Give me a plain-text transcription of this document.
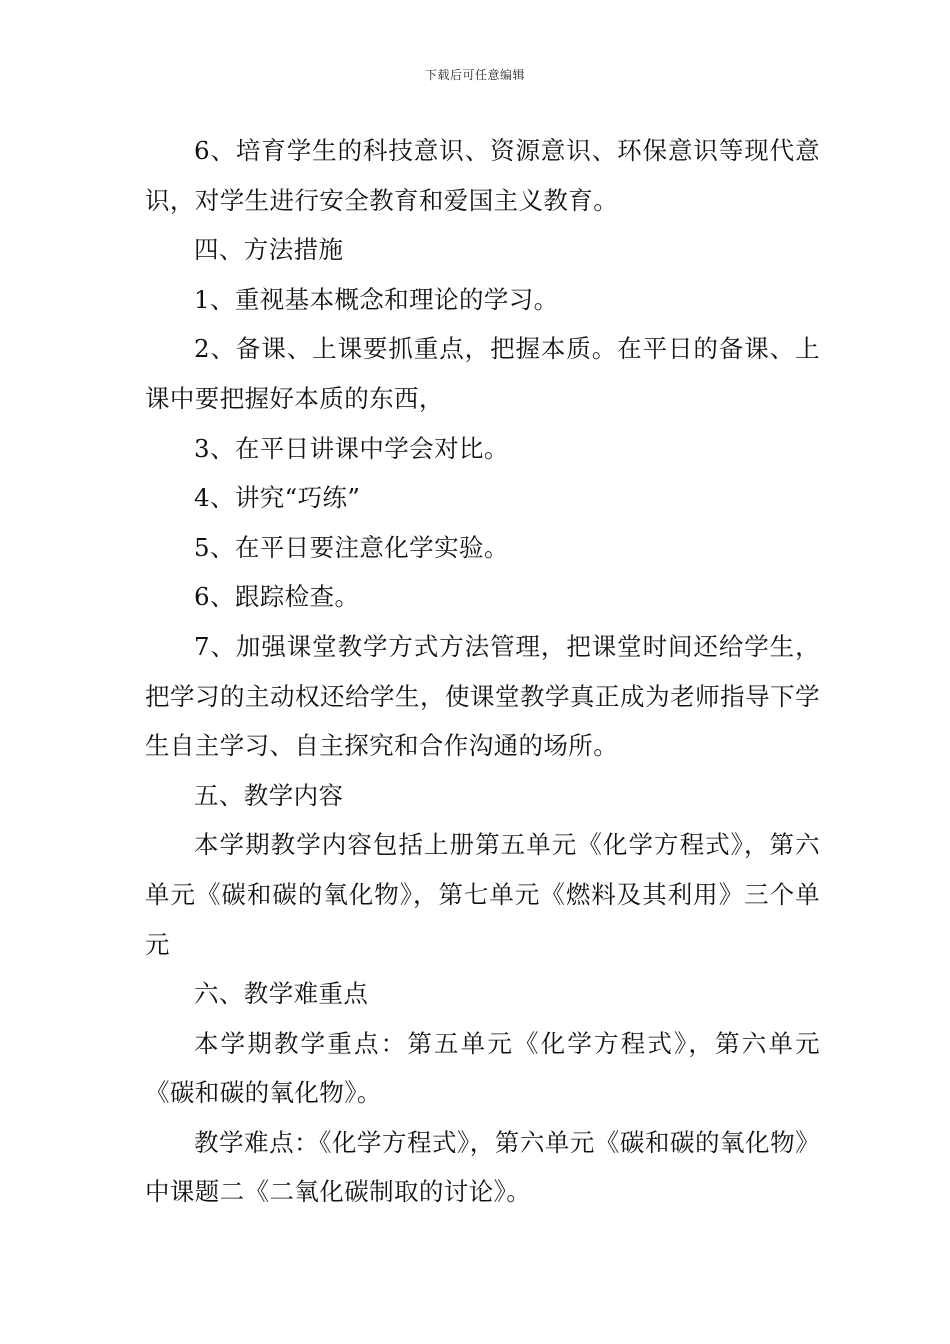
下载后可任意编辑

6、培育学生的科技意识、资源意识、环保意识等现代意识，对学生进行安全教育和爱国主义教育。

四、方法措施

1、重视基本概念和理论的学习。

2、备课、上课要抓重点，把握本质。在平日的备课、上课中要把握好本质的东西，

3、在平日讲课中学会对比。

4、讲究“巧练”

5、在平日要注意化学实验。

6、跟踪检查。

7、加强课堂教学方式方法管理，把课堂时间还给学生，把学习的主动权还给学生，使课堂教学真正成为老师指导下学生自主学习、自主探究和合作沟通的场所。

五、教学内容

本学期教学内容包括上册第五单元《化学方程式》，第六单元《碳和碳的氧化物》，第七单元《燃料及其利用》三个单元

六、教学难重点

本学期教学重点：第五单元《化学方程式》，第六单元《碳和碳的氧化物》。

教学难点：《化学方程式》，第六单元《碳和碳的氧化物》中课题二《二氧化碳制取的讨论》。
